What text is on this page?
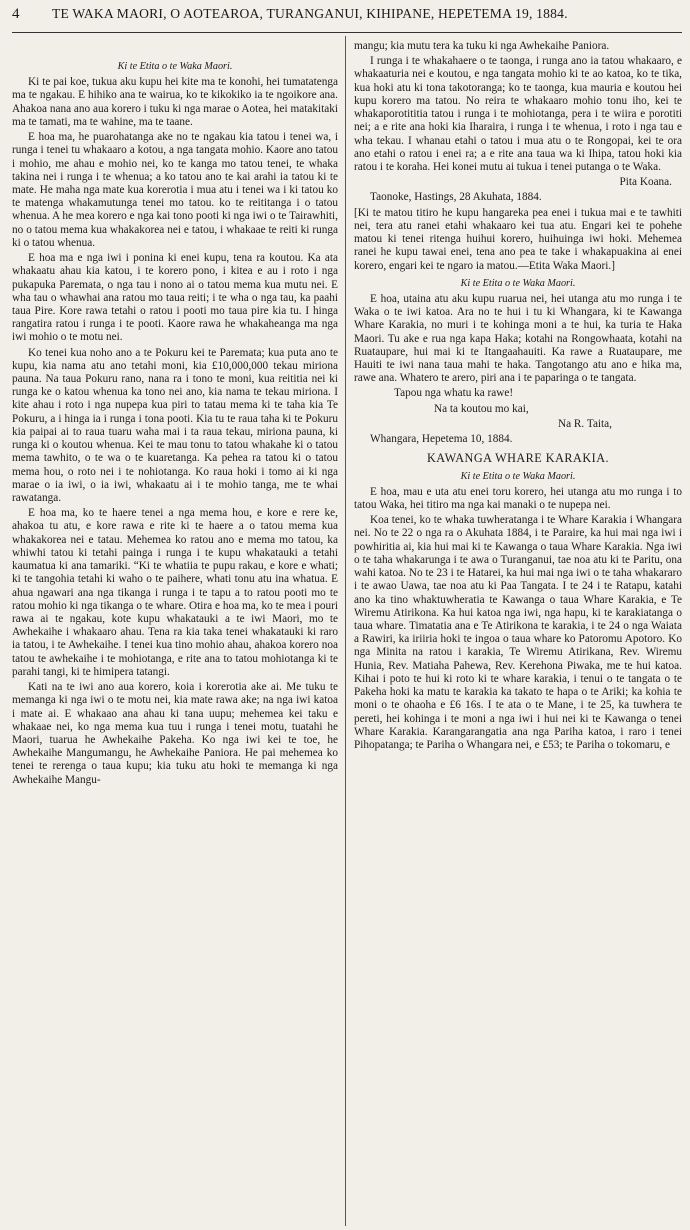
4	TE WAKA MAORI, O AOTEAROA, TURANGANUI, KIHIPANE, HEPETEMA 19, 1884.

Ki te Etita o te Waka Maori.

Ki te pai koe, tukua aku kupu hei kite ma te konohi, hei tumatatenga ma te ngakau. E hihiko ana te wairua, ko te kikokiko ia te ngoikore ana. Ahakoa nana ano aua korero i tuku ki nga marae o Aotea, hei matakitaki ma te tamati, ma te wahine, ma te taane.

E hoa ma, he puarohatanga ake no te ngakau kia tatou i tenei wa, i runga i tenei tu whakaaro a kotou, a nga tangata mohio. Kaore ano tatou i mohio, me ahau e mohio nei, ko te kanga mo tatou tenei, te whaka takina nei i runga i te whenua; a ko tatou ano te kai arahi ia tatou ki te mate. He maha nga mate kua korerotia i mua atu i tenei wa i ki tatou ko te matenga whakamutunga tenei mo tatou. ko te reititanga i o tatou whenua. A he mea korero e nga kai tono pooti ki nga iwi o te Tairawhiti, no o tatou mema kua whakakorea nei e tatou, i whakaae te reiti ki runga ki o tatou whenua.

E hoa ma e nga iwi i ponina ki enei kupu, tena ra koutou. Ka ata whakaatu ahau kia katou, i te korero pono, i kitea e au i roto i nga pukapuka Paremata, o nga tau i nono ai o tatou mema kua mutu nei. E wha tau o whawhai ana ratou mo taua reiti; i te wha o nga tau, ka paahi taua Pire. Kore rawa tetahi o ratou i pooti mo taua pire kia tu. I hinga rangatira ratou i runga i te pooti. Kaore rawa he whakaheanga ma nga iwi mohio o te motu nei.

Ko tenei kua noho ano a te Pokuru kei te Paremata; kua puta ano te kupu, kia nama atu ano tetahi moni, kia £10,000,000 tekau miriona pauna. Na taua Pokuru rano, nana ra i tono te moni, kua reititia nei ki runga ke o katou whenua ka tono nei ano, kia nama te tekau miriona. I kite ahau i roto i nga nupepa kua piri to tatau mema ki te taha kia Te Pokuru, a i hinga ia i runga i tona pooti. Kia tu te raua taha ki te Pokuru kia paipai ai to raua tuaru waha mai i ta raua tekau, miriona pauna, ki runga ki o koutou whenua. Kei te mau tonu to tatou whakahe ki o tatou mema tawhito, o te wa o te kuaretanga. Ka pehea ra tatou ki o tatou mema hou, o roto nei i te nohiotanga. Ko raua hoki i tomo ai ki nga marae o ia iwi, o ia iwi, whakaatu ai i te mohio tanga, me te whai rawatanga.

E hoa ma, ko te haere tenei a nga mema hou, e kore e rere ke, ahakoa tu atu, e kore rawa e rite ki te haere a o tatou mema kua whakakorea nei e tatau. Mehemea ko ratou ano e mema mo tatou, ka whiwhi tatou ki tetahi painga i runga i te kupu whakatauki a tetahi kaumatua ki ana tamariki. “Ki te whatiia te pupu rakau, e kore e whati; ki te tangohia tetahi ki waho o te paihere, whati tonu atu ina whatua. E ahua ngawari ana nga tikanga i runga i te tapu a to ratou pooti mo te ratou mohio ki nga tikanga o te whare. Otira e hoa ma, ko te mea i pouri rawa ai te ngakau, kote kupu whakatauki a te iwi Maori, mo te Awhekaihe i whakaaro ahau. Tena ra kia taka tenei whakatauki ki raro ia tatou, i te Awhekaihe. I tenei kua tino mohio ahau, ahakoa korero noa tatou te awhekaihe i te mohiotanga, e rite ana to tatou mohiotanga ki te parahi tangi, ki te himipera tatangi.

Kati na te iwi ano aua korero, koia i korerotia ake ai. Me tuku te memanga ki nga iwi o te motu nei, kia mate rawa ake; na nga iwi katoa i mate ai. E whakaao ana ahau ki tana uupu; mehemea kei taku e whakaae nei, ko nga mema kua tuu i runga i tenei motu, tuatahi he Maori, tuarua he Awhekaihe Pakeha. Ko nga iwi kei te toe, he Awhekaihe Mangumangu, he Awhekaihe Paniora. He pai mehemea ko tenei te rerenga o taua kupu; kia tuku atu hoki te memanga ki nga Awhekaihe Mangu-

mangu; kia mutu tera ka tuku ki nga Awhekaihe Paniora.

I runga i te whakahaere o te taonga, i runga ano ia tatou whakaaro, e whakaaturia nei e koutou, e nga tangata mohio ki te ao katoa, ko te tika, kua hoki atu ki tona takotoranga; ko te taonga, kua mauria e koutou hei kupu korero ma tatou. No reira te whakaaro mohio tonu iho, kei te whakaporotititia tatou i runga i te mohiotanga, pera i te wiira e porotiti nei; a e rite ana hoki kia Iharaira, i runga i te whenua, i roto i nga tau e wha tekau. I whanau etahi o tatou i mua atu o te Rongopai, kei te ora ano etahi o ratou i enei ra; a e rite ana taua wa ki Ihipa, tatou hoki kia ratou i te koraha. Hei konei mutu ai tukua i tenei putanga o te Waka.

Pita Koana.

Taonoke, Hastings, 28 Akuhata, 1884.

[Ki te matou titiro he kupu hangareka pea enei i tukua mai e te tawhiti nei, tera atu ranei etahi whakaaro kei tua atu. Engari kei te pohehe matou ki tenei ritenga huihui korero, huihuinga iwi hoki. Mehemea ranei he kupu tawai enei, tena ano pea te take i whakapuakina ai enei korero, engari kei te ngaro ia matou.—Etita Waka Maori.]

Ki te Etita o te Waka Maori.

E hoa, utaina atu aku kupu ruarua nei, hei utanga atu mo runga i te Waka o te iwi katoa. Ara no te hui i tu ki Whangara, ki te Kawanga Whare Karakia, no muri i te kohinga moni a te hui, ka turia te Haka Maori. Tu ake e rua nga kapa Haka; kotahi na Rongowhaata, kotahi na Ruataupare, hui mai ki te Itangaahauiti. Ka rawe a Ruataupare, me Hauiti te iwi nana taua mahi te haka. Tangotango atu ano e hika ma, rawe ana. Whatero te arero, piri ana i te paparinga o te tangata.

Tapou nga whatu ka rawe!

Na ta koutou mo kai,

Na R. Taita,

Whangara, Hepetema 10, 1884.

KAWANGA WHARE KARAKIA.

Ki te Etita o te Waka Maori.

E hoa, mau e uta atu enei toru korero, hei utanga atu mo runga i to tatou Waka, hei titiro ma nga kai manaki o te nupepa nei.

Koa tenei, ko te whaka tuwheratanga i te Whare Karakia i Whangara nei. No te 22 o nga ra o Akuhata 1884, i te Paraire, ka hui mai nga iwi i powhiritia ai, kia hui mai ki te Kawanga o taua Whare Karakia. Nga iwi o te taha whakarunga i te awa o Turanganui, tae noa atu ki te Paritu, ona wahi katoa. No te 23 i te Hatarei, ka hui mai nga iwi o te taha whakararo i te awao Uawa, tae noa atu ki Paa Tangata. I te 24 i te Ratapu, katahi ano ka tino whaktuwheratia te Kawanga o taua Whare Karakia, e Te Wiremu Atirikona. Ka hui katoa nga iwi, nga hapu, ki te karakiatanga o taua whare. Timatatia ana e Te Atirikona te karakia, i te 24 o nga Waiata a Rawiri, ka iriiria hoki te ingoa o taua whare ko Patoromu Apotoro. Ko nga Minita na ratou i karakia, Te Wiremu Atirikana, Rev. Wiremu Hunia, Rev. Matiaha Pahewa, Rev. Kerehona Piwaka, me te hui katoa. Kihai i poto te hui ki roto ki te whare karakia, i tenui o te tangata o te Pakeha hoki ka matu te karakia ka takato te hapa o te Ariki; ka kohia te moni o te ohaoha e £6 16s. I te ata o te Mane, i te 25, ka tuwhera te pereti, hei kohinga i te moni a nga iwi i hui nei ki te Kawanga o tenei Whare Karakia. Karangarangatia ana nga Pariha katoa, i raro i tenei Pihopatanga; te Pariha o Whangara nei, e £53; te Pariha o tokomaru, e
